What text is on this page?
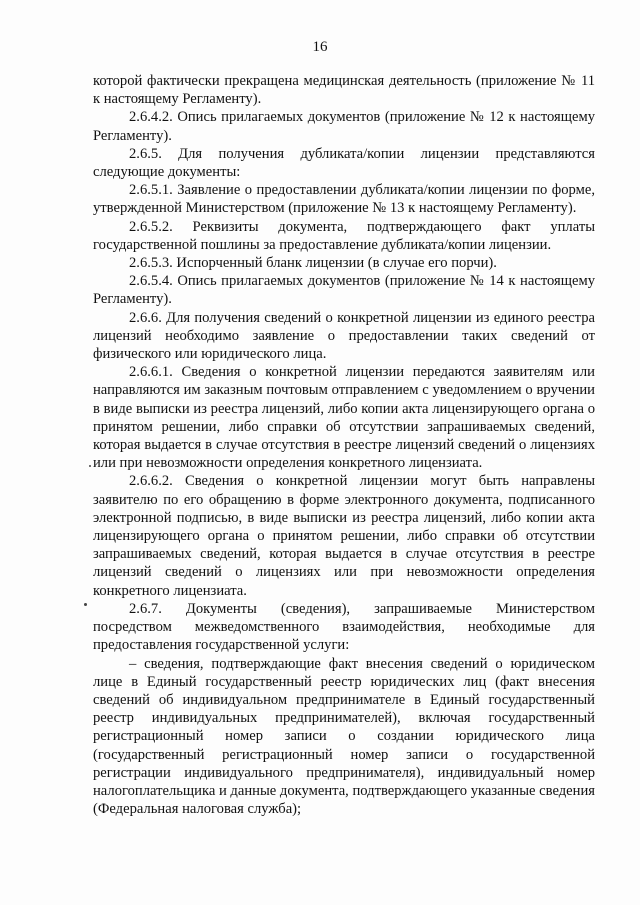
16

которой фактически прекращена медицинская деятельность (приложение № 11 к настоящему Регламенту).

2.6.4.2. Опись прилагаемых документов (приложение № 12 к настоящему Регламенту).

2.6.5. Для получения дубликата/копии лицензии представляются следующие документы:

2.6.5.1. Заявление о предоставлении дубликата/копии лицензии по форме, утвержденной Министерством (приложение № 13 к настоящему Регламенту).

2.6.5.2. Реквизиты документа, подтверждающего факт уплаты государственной пошлины за предоставление дубликата/копии лицензии.

2.6.5.3. Испорченный бланк лицензии (в случае его порчи).

2.6.5.4. Опись прилагаемых документов (приложение № 14 к настоящему Регламенту).

2.6.6. Для получения сведений о конкретной лицензии из единого реестра лицензий необходимо заявление о предоставлении таких сведений от физического или юридического лица.

2.6.6.1. Сведения о конкретной лицензии передаются заявителям или направляются им заказным почтовым отправлением с уведомлением о вручении в виде выписки из реестра лицензий, либо копии акта лицензирующего органа о принятом решении, либо справки об отсутствии запрашиваемых сведений, которая выдается в случае отсутствия в реестре лицензий сведений о лицензиях или при невозможности определения конкретного лицензиата.

2.6.6.2. Сведения о конкретной лицензии могут быть направлены заявителю по его обращению в форме электронного документа, подписанного электронной подписью, в виде выписки из реестра лицензий, либо копии акта лицензирующего органа о принятом решении, либо справки об отсутствии запрашиваемых сведений, которая выдается в случае отсутствия в реестре лицензий сведений о лицензиях или при невозможности определения конкретного лицензиата.

2.6.7. Документы (сведения), запрашиваемые Министерством посредством межведомственного взаимодействия, необходимые для предоставления государственной услуги:

– сведения, подтверждающие факт внесения сведений о юридическом лице в Единый государственный реестр юридических лиц (факт внесения сведений об индивидуальном предпринимателе в Единый государственный реестр индивидуальных предпринимателей), включая государственный регистрационный номер записи о создании юридического лица (государственный регистрационный номер записи о государственной регистрации индивидуального предпринимателя), индивидуальный номер налогоплательщика и данные документа, подтверждающего указанные сведения (Федеральная налоговая служба);
